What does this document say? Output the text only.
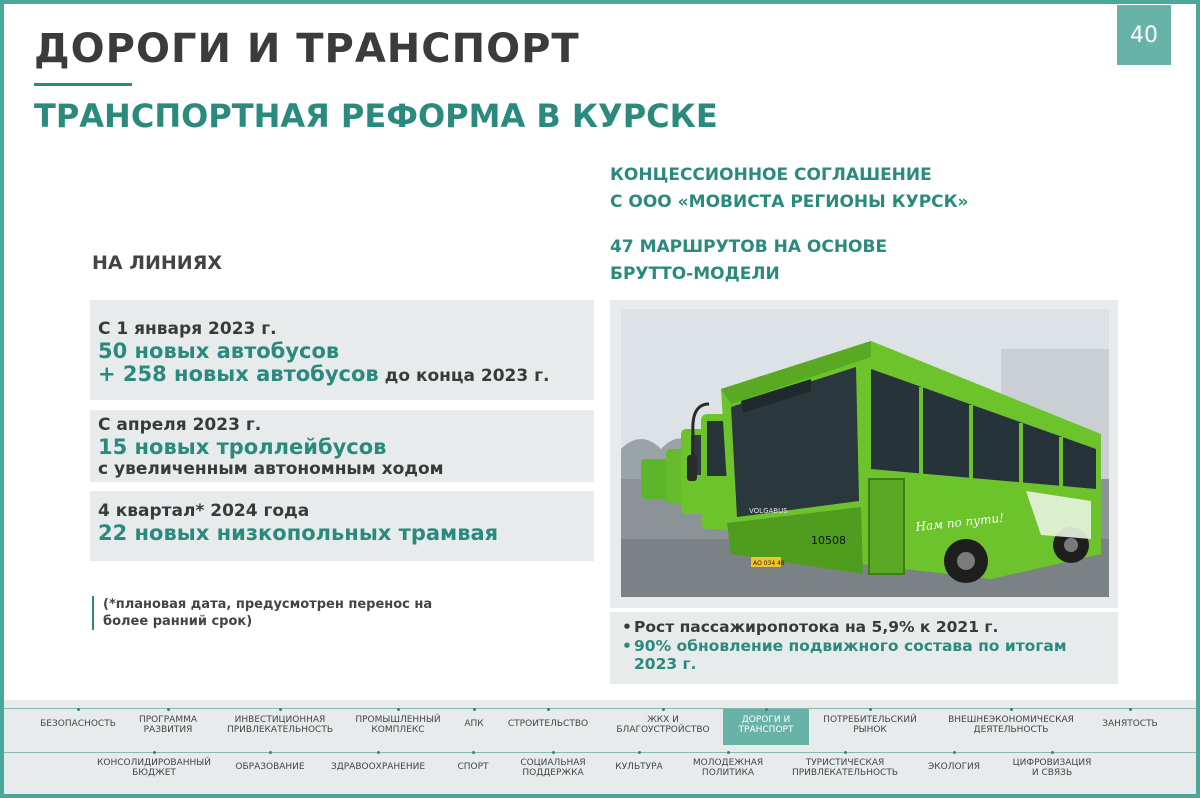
ДОРОГИ И ТРАНСПОРТ	40
ТРАНСПОРТНАЯ РЕФОРМА В КУРСКЕ
НА ЛИНИЯХ
С 1 января 2023 г.
50 новых автобусов
+ 258 новых автобусов до конца 2023 г.
С апреля 2023 г.
15 новых троллейбусов
с увеличенным автономным ходом
4 квартал* 2024 года
22 новых низкопольных трамвая
(*плановая дата, предусмотрен перенос на более ранний срок)
КОНЦЕССИОННОЕ СОГЛАШЕНИЕ
С ООО «МОВИСТА РЕГИОНЫ КУРСК»
47 МАРШРУТОВ НА ОСНОВЕ
БРУТТО-МОДЕЛИ
10508
VOLGABUS	Нам по пути!
АО 034 46
• Рост пассажиропотока на 5,9% к 2021 г.
• 90% обновление подвижного состава по итогам 2023 г.
БЕЗОПАСНОСТЬ	ПРОГРАММА
РАЗВИТИЯ
ИНВЕСТИЦИОННАЯ
ПРИВЛЕКАТЕЛЬНОСТЬ
ПРОМЫШЛЕННЫЙ
КОМПЛЕКС
АПК	СТРОИТЕЛЬСТВО	ЖКХ И
БЛАГОУСТРОЙСТВО
ДОРОГИ И
ТРАНСПОРТ
ПОТРЕБИТЕЛЬСКИЙ
РЫНОК
ВНЕШНЕЭКОНОМИЧЕСКАЯ
ДЕЯТЕЛЬНОСТЬ
ЗАНЯТОСТЬ
КОНСОЛИДИРОВАННЫЙ
БЮДЖЕТ
ОБРАЗОВАНИЕ	ЗДРАВООХРАНЕНИЕ	СПОРТ	СОЦИАЛЬНАЯ
ПОДДЕРЖКА
КУЛЬТУРА	МОЛОДЕЖНАЯ
ПОЛИТИКА
ТУРИСТИЧЕСКАЯ
ПРИВЛЕКАТЕЛЬНОСТЬ
ЭКОЛОГИЯ	ЦИФРОВИЗАЦИЯ
И СВЯЗЬ
